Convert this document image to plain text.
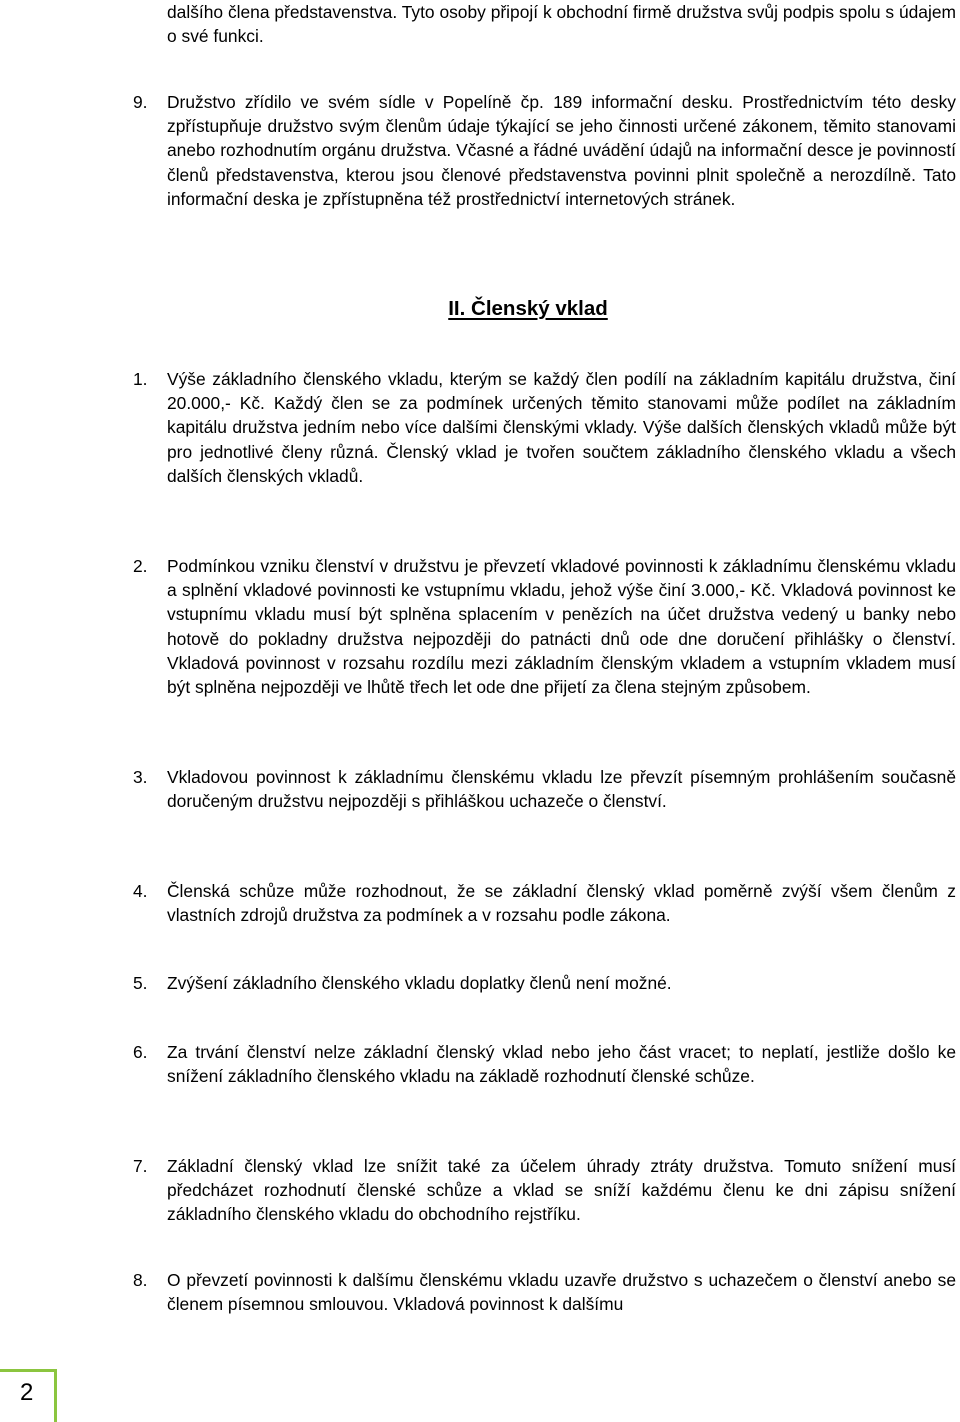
dalšího člena představenstva. Tyto osoby připojí k obchodní firmě družstva svůj podpis spolu s údajem o své funkci.
9. Družstvo zřídilo ve svém sídle v Popelíně čp. 189 informační desku. Prostřednictvím této desky zpřístupňuje družstvo svým členům údaje týkající se jeho činnosti určené zákonem, těmito stanovami anebo rozhodnutím orgánu družstva. Včasné a řádné uvádění údajů na informační desce je povinností členů představenstva, kterou jsou členové představenstva povinni plnit společně a nerozdílně. Tato informační deska je zpřístupněna též prostřednictví internetových stránek.
II. Členský vklad
1. Výše základního členského vkladu, kterým se každý člen podílí na základním kapitálu družstva, činí 20.000,- Kč. Každý člen se za podmínek určených těmito stanovami může podílet na základním kapitálu družstva jedním nebo více dalšími členskými vklady. Výše dalších členských vkladů může být pro jednotlivé členy různá. Členský vklad je tvořen součtem základního členského vkladu a všech dalších členských vkladů.
2. Podmínkou vzniku členství v družstvu je převzetí vkladové povinnosti k základnímu členskému vkladu a splnění vkladové povinnosti ke vstupnímu vkladu, jehož výše činí 3.000,- Kč. Vkladová povinnost ke vstupnímu vkladu musí být splněna splacením v penězích na účet družstva vedený u banky nebo hotově do pokladny družstva nejpozději do patnácti dnů ode dne doručení přihlášky o členství. Vkladová povinnost v rozsahu rozdílu mezi základním členským vkladem a vstupním vkladem musí být splněna nejpozději ve lhůtě třech let ode dne přijetí za člena stejným způsobem.
3. Vkladovou povinnost k základnímu členskému vkladu lze převzít písemným prohlášením současně doručeným družstvu nejpozději s přihláškou uchazeče o členství.
4. Členská schůze může rozhodnout, že se základní členský vklad poměrně zvýší všem členům z vlastních zdrojů družstva za podmínek a v rozsahu podle zákona.
5. Zvýšení základního členského vkladu doplatky členů není možné.
6. Za trvání členství nelze základní členský vklad nebo jeho část vracet; to neplatí, jestliže došlo ke snížení základního členského vkladu na základě rozhodnutí členské schůze.
7. Základní členský vklad lze snížit také za účelem úhrady ztráty družstva. Tomuto snížení musí předcházet rozhodnutí členské schůze a vklad se sníží každému členu ke dni zápisu snížení základního členského vkladu do obchodního rejstříku.
8. O převzetí povinnosti k dalšímu členskému vkladu uzavře družstvo s uchazečem o členství anebo se členem písemnou smlouvou. Vkladová povinnost k dalšímu
2
